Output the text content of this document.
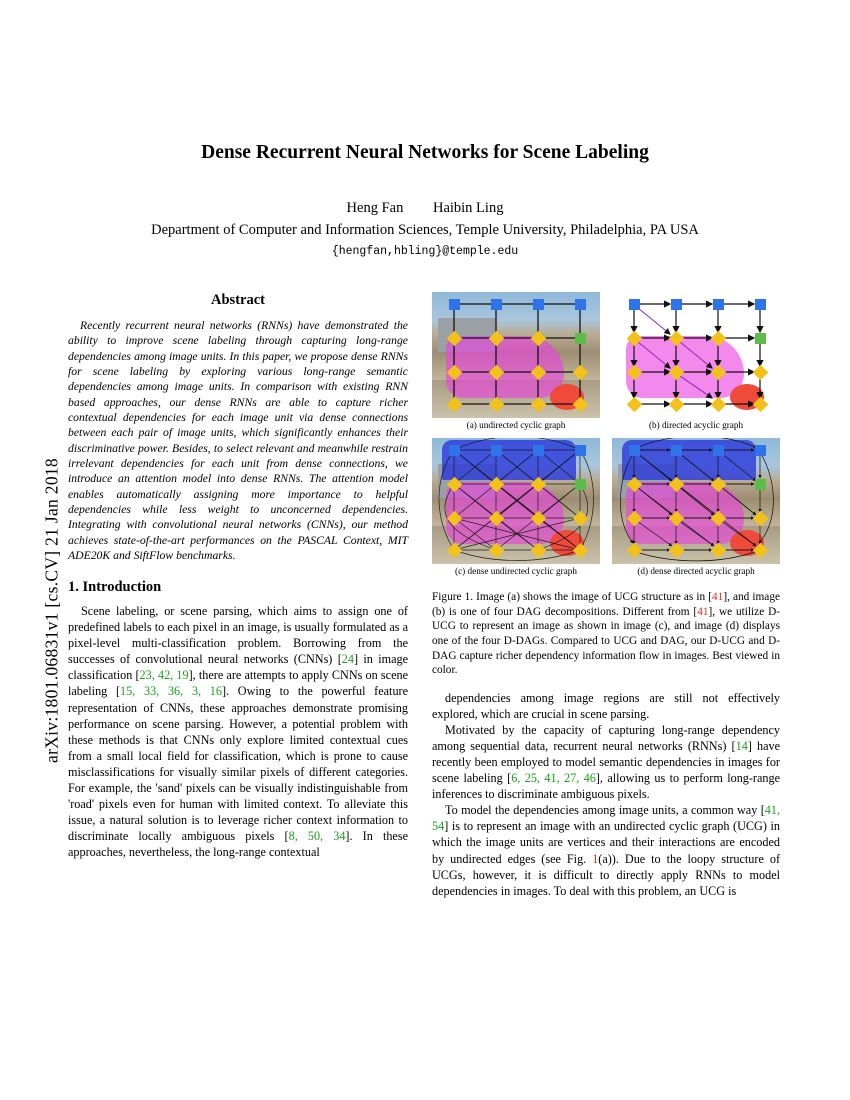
arXiv:1801.06831v1 [cs.CV] 21 Jan 2018
Dense Recurrent Neural Networks for Scene Labeling
Heng Fan Haibin Ling
Department of Computer and Information Sciences, Temple University, Philadelphia, PA USA
{hengfan,hbling}@temple.edu
Abstract

Recently recurrent neural networks (RNNs) have demonstrated the ability to improve scene labeling through capturing long-range dependencies among image units. In this paper, we propose dense RNNs for scene labeling by exploring various long-range semantic dependencies among image units. In comparison with existing RNN based approaches, our dense RNNs are able to capture richer contextual dependencies for each image unit via dense connections between each pair of image units, which significantly enhances their discriminative power. Besides, to select relevant and meanwhile restrain irrelevant dependencies for each unit from dense connections, we introduce an attention model into dense RNNs. The attention model enables automatically assigning more importance to helpful dependencies while less weight to unconcerned dependencies. Integrating with convolutional neural networks (CNNs), our method achieves state-of-the-art performances on the PASCAL Context, MIT ADE20K and SiftFlow benchmarks.

1. Introduction

Scene labeling, or scene parsing, which aims to assign one of predefined labels to each pixel in an image, is usually formulated as a pixel-level multi-classification problem. Borrowing from the successes of convolutional neural networks (CNNs) [24] in image classification [23, 42, 19], there are attempts to apply CNNs on scene labeling [15, 33, 36, 3, 16]. Owing to the powerful feature representation of CNNs, these approaches demonstrate promising performance on scene parsing. However, a potential problem with these methods is that CNNs only explore limited contextual cues from a small local field for classification, which is prone to cause misclassifications for visually similar pixels of different categories. For example, the 'sand' pixels can be visually indistinguishable from 'road' pixels even for human with limited context. To alleviate this issue, a natural solution is to leverage richer context information to discriminate locally ambiguous pixels [8, 50, 34]. In these approaches, nevertheless, the long-range contextual

(a) undirected cyclic graph	(b) directed acyclic graph
(c) dense undirected cyclic graph	(d) dense directed acyclic graph
Figure 1. Image (a) shows the image of UCG structure as in [41], and image (b) is one of four DAG decompositions. Different from [41], we utilize D-UCG to represent an image as shown in image (c), and image (d) displays one of the four D-DAGs. Compared to UCG and DAG, our D-UCG and D-DAG capture richer dependency information flow in images. Best viewed in color.

dependencies among image regions are still not effectively explored, which are crucial in scene parsing.

Motivated by the capacity of capturing long-range dependency among sequential data, recurrent neural networks (RNNs) [14] have recently been employed to model semantic dependencies in images for scene labeling [6, 25, 41, 27, 46], allowing us to perform long-range inferences to discriminate ambiguous pixels.

To model the dependencies among image units, a common way [41, 54] is to represent an image with an undirected cyclic graph (UCG) in which the image units are vertices and their interactions are encoded by undirected edges (see Fig. 1(a)). Due to the loopy structure of UCGs, however, it is difficult to directly apply RNNs to model dependencies in images. To deal with this problem, an UCG is
